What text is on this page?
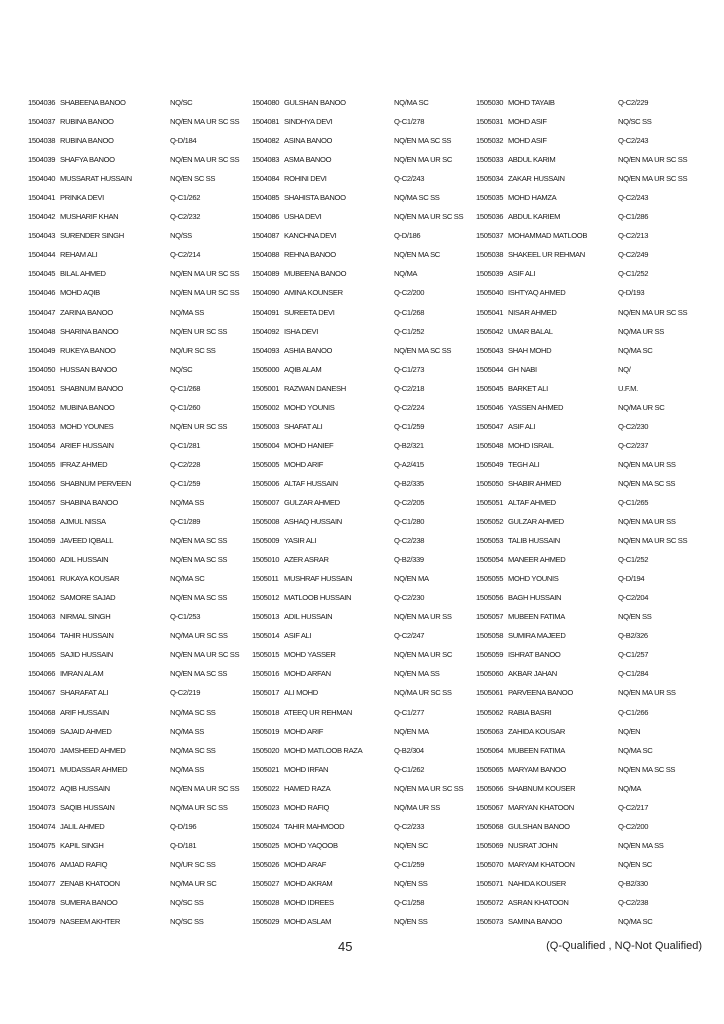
1504036 SHABEENA BANOO	NQ/SC
1504037 RUBINA BANOO	NQ/EN MA UR SC SS
1504038 RUBINA BANOO	Q-D/184
1504039 SHAFYA BANOO	NQ/EN MA UR SC SS
1504040 MUSSARAT HUSSAIN	NQ/EN SC SS
1504041 PRINKA DEVI	Q-C1/262
1504042 MUSHARIF KHAN	Q-C2/232
1504043 SURENDER SINGH	NQ/SS
1504044 REHAM ALI	Q-C2/214
1504045 BILAL AHMED	NQ/EN MA UR SC SS
1504046 MOHD AQIB	NQ/EN MA UR SC SS
1504047 ZARINA BANOO	NQ/MA SS
1504048 SHARINA BANOO	NQ/EN UR SC SS
1504049 RUKEYA BANOO	NQ/UR SC SS
1504050 HUSSAN BANOO	NQ/SC
1504051 SHABNUM BANOO	Q-C1/268
1504052 MUBINA BANOO	Q-C1/260
1504053 MOHD YOUNES	NQ/EN UR SC SS
1504054 ARIEF HUSSAIN	Q-C1/281
1504055 IFRAZ AHMED	Q-C2/228
1504056 SHABNUM PERVEEN	Q-C1/259
1504057 SHABINA BANOO	NQ/MA SS
1504058 AJMUL NISSA	Q-C1/289
1504059 JAVEED IQBALL	NQ/EN MA SC SS
1504060 ADIL HUSSAIN	NQ/EN MA SC SS
1504061 RUKAYA KOUSAR	NQ/MA SC
1504062 SAMORE SAJAD	NQ/EN MA SC SS
1504063 NIRMAL SINGH	Q-C1/253
1504064 TAHIR HUSSAIN	NQ/MA UR SC SS
1504065 SAJID HUSSAIN	NQ/EN MA UR SC SS
1504066 IMRAN ALAM	NQ/EN MA SC SS
1504067 SHARAFAT ALI	Q-C2/219
1504068 ARIF HUSSAIN	NQ/MA SC SS
1504069 SAJAID AHMED	NQ/MA SS
1504070 JAMSHEED AHMED	NQ/MA SC SS
1504071 MUDASSAR AHMED	NQ/MA SS
1504072 AQIB HUSSAIN	NQ/EN MA UR SC SS
1504073 SAQIB HUSSAIN	NQ/MA UR SC SS
1504074 JALIL AHMED	Q-D/196
1504075 KAPIL SINGH	Q-D/181
1504076 AMJAD RAFIQ	NQ/UR SC SS
1504077 ZENAB KHATOON	NQ/MA UR SC
1504078 SUMERA BANOO	NQ/SC SS
1504079 NASEEM AKHTER	NQ/SC SS
1504080 GULSHAN BANOO	NQ/MA SC
1504081 SINDHYA DEVI	Q-C1/278
1504082 ASINA BANOO	NQ/EN MA SC SS
1504083 ASMA BANOO	NQ/EN MA UR SC
1504084 ROHINI DEVI	Q-C2/243
1504085 SHAHISTA BANOO	NQ/MA SC SS
1504086 USHA DEVI	NQ/EN MA UR SC SS
1504087 KANCHNA DEVI	Q-D/186
1504088 REHNA BANOO	NQ/EN MA SC
1504089 MUBEENA BANOO	NQ/MA
1504090 AMINA KOUNSER	Q-C2/200
1504091 SUREETA DEVI	Q-C1/268
1504092 ISHA DEVI	Q-C1/252
1504093 ASHIA BANOO	NQ/EN MA SC SS
1505000 AQIB ALAM	Q-C1/273
1505001 RAZWAN DANESH	Q-C2/218
1505002 MOHD YOUNIS	Q-C2/224
1505003 SHAFAT ALI	Q-C1/259
1505004 MOHD HANIEF	Q-B2/321
1505005 MOHD ARIF	Q-A2/415
1505006 ALTAF HUSSAIN	Q-B2/335
1505007 GULZAR AHMED	Q-C2/205
1505008 ASHAQ HUSSAIN	Q-C1/280
1505009 YASIR ALI	Q-C2/238
1505010 AZER ASRAR	Q-B2/339
1505011 MUSHRAF HUSSAIN	NQ/EN MA
1505012 MATLOOB HUSSAIN	Q-C2/230
1505013 ADIL HUSSAIN	NQ/EN MA UR SS
1505014 ASIF ALI	Q-C2/247
1505015 MOHD YASSER	NQ/EN MA UR SC
1505016 MOHD ARFAN	NQ/EN MA SS
1505017 ALI MOHD	NQ/MA UR SC SS
1505018 ATEEQ UR REHMAN	Q-C1/277
1505019 MOHD ARIF	NQ/EN MA
1505020 MOHD MATLOOB RAZA	Q-B2/304
1505021 MOHD IRFAN	Q-C1/262
1505022 HAMED RAZA	NQ/EN MA UR SC SS
1505023 MOHD RAFIQ	NQ/MA UR SS
1505024 TAHIR MAHMOOD	Q-C2/233
1505025 MOHD YAQOOB	NQ/EN SC
1505026 MOHD ARAF	Q-C1/259
1505027 MOHD AKRAM	NQ/EN SS
1505028 MOHD IDREES	Q-C1/258
1505029 MOHD ASLAM	NQ/EN SS
1505030 MOHD TAYAIB	Q-C2/229
1505031 MOHD ASIF	NQ/SC SS
1505032 MOHD ASIF	Q-C2/243
1505033 ABDUL KARIM	NQ/EN MA UR SC SS
1505034 ZAKAR HUSSAIN	NQ/EN MA UR SC SS
1505035 MOHD HAMZA	Q-C2/243
1505036 ABDUL KARIEM	Q-C1/286
1505037 MOHAMMAD MATLOOB	Q-C2/213
1505038 SHAKEEL UR REHMAN	Q-C2/249
1505039 ASIF ALI	Q-C1/252
1505040 ISHTYAQ AHMED	Q-D/193
1505041 NISAR AHMED	NQ/EN MA UR SC SS
1505042 UMAR BALAL	NQ/MA UR SS
1505043 SHAH MOHD	NQ/MA SC
1505044 GH NABI	NQ/
1505045 BARKET ALI	U.F.M.
1505046 YASSEN AHMED	NQ/MA UR SC
1505047 ASIF ALI	Q-C2/230
1505048 MOHD ISRAIL	Q-C2/237
1505049 TEGH ALI	NQ/EN MA UR SS
1505050 SHABIR AHMED	NQ/EN MA SC SS
1505051 ALTAF AHMED	Q-C1/265
1505052 GULZAR AHMED	NQ/EN MA UR SS
1505053 TALIB HUSSAIN	NQ/EN MA UR SC SS
1505054 MANEER AHMED	Q-C1/252
1505055 MOHD YOUNIS	Q-D/194
1505056 BAGH HUSSAIN	Q-C2/204
1505057 MUBEEN FATIMA	NQ/EN SS
1505058 SUMIRA MAJEED	Q-B2/326
1505059 ISHRAT BANOO	Q-C1/257
1505060 AKBAR JAHAN	Q-C1/284
1505061 PARVEENA BANOO	NQ/EN MA UR SS
1505062 RABIA BASRI	Q-C1/266
1505063 ZAHIDA KOUSAR	NQ/EN
1505064 MUBEEN FATIMA	NQ/MA SC
1505065 MARYAM BANOO	NQ/EN MA SC SS
1505066 SHABNUM KOUSER	NQ/MA
1505067 MARYAN KHATOON	Q-C2/217
1505068 GULSHAN BANOO	Q-C2/200
1505069 NUSRAT JOHN	NQ/EN MA SS
1505070 MARYAM KHATOON	NQ/EN SC
1505071 NAHIDA KOUSER	Q-B2/330
1505072 ASRAN KHATOON	Q-C2/238
1505073 SAMINA BANOO	NQ/MA SC
45	(Q-Qualified , NQ-Not Qualified)
